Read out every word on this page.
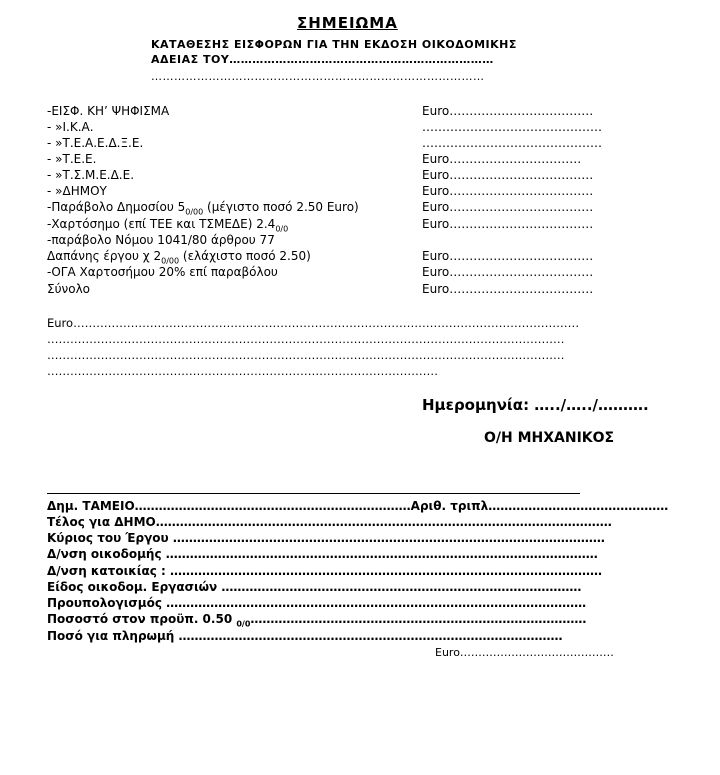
ΣΗΜΕΙΩΜΑ
ΚΑΤΑΘΕΣΗΣ ΕΙΣΦΟΡΩΝ ΓΙΑ ΤΗΝ ΕΚΔΟΣΗ ΟΙΚΟΔΟΜΙΚΗΣ
ΑΔΕΙΑΣ ΤΟΥ……………………………………………………………
……………………………………………………………………………
-ΕΙΣΦ. ΚΗ’ ΨΗΦΙΣΜΑ	Euro………………………………
- »Ι.Κ.Α.	………………………………………
- »Τ.Ε.Α.Ε.Δ.Ξ.Ε.	………………………………………
- »Τ.Ε.Ε.	Euro……………………………
- »Τ.Σ.Μ.Ε.Δ.Ε.	Euro………………………………
- »ΔΗΜΟΥ	Euro………………………………
-Παράβολο Δημοσίου $5_{0/00}$ (μέγιστο ποσό 2.50 Euro)	Euro………………………………
-Χαρτόσημο (επί ΤΕΕ και ΤΣΜΕΔΕ) $2.4_{0/0}$	Euro………………………………
-παράβολο Νόμου 1041/80 άρθρου 77
Δαπάνης έργου χ $2_{0/00}$ (ελάχιστο ποσό 2.50)	Euro………………………………
-ΟΓΑ Χαρτοσήμου 20% επί παραβόλου	Euro………………………………
Σύνολο	Euro………………………………
Euro……………………………………………………………………………………………………………………
………………………………………………………………………………………………………………………
………………………………………………………………………………………………………………………
…………………………………………………………………………………………
Ημερομηνία: …../…../……….
Ο/Η ΜΗΧΑΝΙΚΟΣ
Δημ. ΤΑΜΕΙΟ……………………………………………………………Αριθ. τριπλ………………………………………
Τέλος για ΔΗΜΟ……………………………………………………………………………………………………
Κύριος του Έργου ………………………………………………………………………………………………
Δ/νση οικοδομής ………………………………………………………………………………………………
Δ/νση κατοικίας : ………………………………………………………………………………………………
Είδος οικοδομ. Εργασιών ………………………………………………………………………………
Προυπολογισμός ……………………………………………………………………………………………
Ποσοστό στον προϋπ. 0.50 $_{0/0}$…………………………………………………………………………
Ποσό για πληρωμή ……………………………………………………………………………………
Euro……………………………………
